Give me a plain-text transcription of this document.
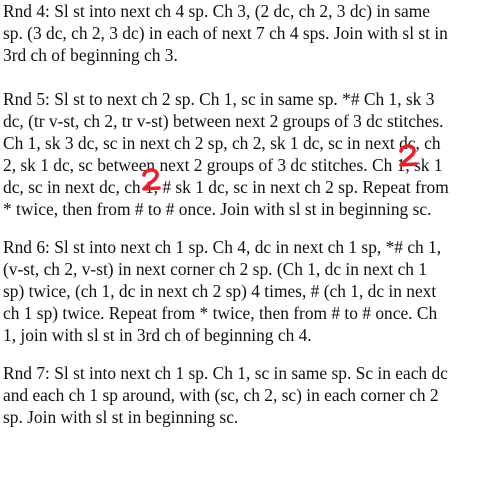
Rnd 4: Sl st into next ch 4 sp. Ch 3, (2 dc, ch 2, 3 dc) in same
sp. (3 dc, ch 2, 3 dc) in each of next 7 ch 4 sps. Join with sl st in
3rd ch of beginning ch 3.

Rnd 5: Sl st to next ch 2 sp. Ch 1, sc in same sp. *# Ch 1, sk 3
dc, (tr v-st, ch 2, tr v-st) between next 2 groups of 3 dc stitches.
Ch 1, sk 3 dc, sc in next ch 2 sp, ch 2, sk 1 dc, sc in next dc, ch
2, sk 1 dc, sc between next 2 groups of 3 dc stitches. Ch 1, sk 1
dc, sc in next dc, ch 1, # sk 1 dc, sc in next ch 2 sp. Repeat from
* twice, then from # to # once. Join with sl st in beginning sc.

Rnd 6: Sl st into next ch 1 sp. Ch 4, dc in next ch 1 sp, *# ch 1,
(v-st, ch 2, v-st) in next corner ch 2 sp. (Ch 1, dc in next ch 1
sp) twice, (ch 1, dc in next ch 2 sp) 4 times, # (ch 1, dc in next
ch 1 sp) twice. Repeat from * twice, then from # to # once. Ch
1, join with sl st in 3rd ch of beginning ch 4.

Rnd 7: Sl st into next ch 1 sp. Ch 1, sc in same sp. Sc in each dc
and each ch 1 sp around, with (sc, ch 2, sc) in each corner ch 2
sp. Join with sl st in beginning sc.
